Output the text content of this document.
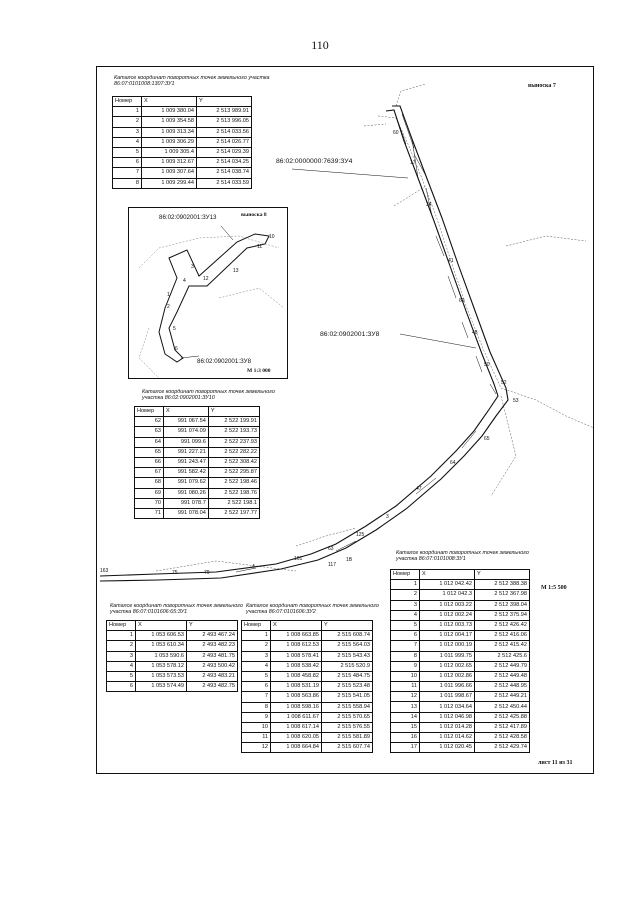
110
60
17
34
41
69
48
50
52
53
65
64
47
3
125
63
161
4
79
75
163
117
1B
выноска 7
86:02:0000000:7639:ЗУ4
86:02:0902001:ЗУ8
М 1:5 500
лист 11 из 31
3
13
10
11
1
2
5
6
4	12
86:02:0902001:ЗУ13	выноска 8
86:02:0902001:ЗУ8
М 1:3 000
Каталог координат поворотных точек земельного участка 86:07:0101008:1307:ЗУ1
Номер	X	Y
1	1 009 380.04	2 513 989.91
2	1 009 354.58	2 513 996.05
3	1 009 313.34	2 514 033.56
4	1 009 306.29	2 514 026.77
5	1 009 305.4	2 514 029.39
6	1 009 312.67	2 514 034.25
7	1 009 307.64	2 514 038.74
8	1 009 299.44	2 514 033.59
Каталог координат поворотных точек земельного участка 86:02:0902001:ЗУ10
Номер	X	Y
62	991 067.54	2 522 199.91
63	991 074.09	2 522 193.73
64	991 099.6	2 522 237.93
65	991 227.21	2 522 282.22
66	991 243.47	2 522 308.42
67	991 582.42	2 522 295.87
68	991 079.62	2 522 198.46
69	991 080.26	2 522 198.76
70	991 078.7	2 522 198.1
71	991 078.04	2 522 197.77
Каталог координат поворотных точек земельного участка 86:07:0101606:65:ЗУ1
Номер	X	Y
1	1 053 606.53	2 493 467.24
2	1 053 610.34	2 493 482.23
3	1 053 590.6	2 493 481.75
4	1 053 578.12	2 493 500.42
5	1 053 573.53	2 493 483.21
6	1 053 574.49	2 493 482.75
Каталог координат поворотных точек земельного участка 86:07:0101606:ЗУ2
Номер	X	Y
1	1 008 663.85	2 515 608.74
2	1 008 612.53	2 515 564.03
3	1 008 578.41	2 515 543.43
4	1 008 538.42	2 515 520.9
5	1 008 458.82	2 515 484.75
6	1 008 531.19	2 515 523.48
7	1 008 563.86	2 515 541.05
8	1 008 598.16	2 515 558.94
9	1 008 611.67	2 515 570.65
10	1 008 617.14	2 515 576.55
11	1 008 620.05	2 515 581.89
12	1 008 664.84	2 515 607.74
Каталог координат поворотных точек земельного участка 86:07:0101008:ЗУ1
Номер	X	Y
1	1 012 042.42	2 512 388.38
2	1 012 042.3	2 512 367.98
3	1 012 003.22	2 512 398.04
4	1 012 002.24	2 512 375.94
5	1 012 003.73	2 512 426.42
6	1 012 004.17	2 512 416.06
7	1 012 000.19	2 512 415.42
8	1 011 999.75	2 512 425.6
9	1 012 002.65	2 512 449.79
10	1 012 002.86	2 512 449.48
11	1 011 996.66	2 512 448.95
12	1 011 998.67	2 512 449.21
13	1 012 034.64	2 512 450.44
14	1 012 046.98	2 512 425.88
15	1 012 014.28	2 512 417.89
16	1 012 014.62	2 512 428.58
17	1 012 020.45	2 512 429.74
